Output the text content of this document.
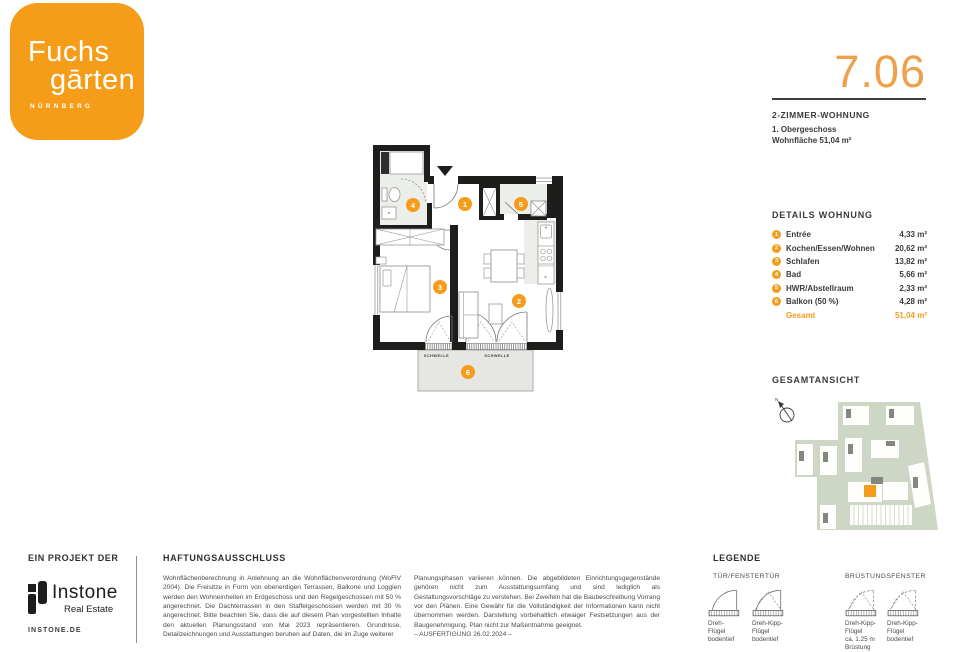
Fuchs
gārten
NÜRNBERG
7.06
2-ZIMMER-WOHNUNG
1. Obergeschoss
Wohnfläche 51,04 m²
SCHWELLE	SCHWELLE
1
2
3
4	5
6
DETAILS WOHNUNG
1 Entrée	4,33 m²
2 Kochen/Essen/Wohnen	20,62 m²
3 Schlafen	13,82 m²
4 Bad	5,66 m²
5 HWR/Abstellraum	2,33 m²
6 Balkon (50 %)	4,28 m²
Gesamt	51,04 m²
GESAMTANSICHT
N
EIN PROJEKT DER
Instone
Real Estate
INSTONE.DE
HAFTUNGSAUSSCHLUSS
Wohnflächenberechnung in Anlehnung an die Wohnflächenverordnung (WoFlV 2004): Die Freisitze in Form von ebenerdigen Terrassen, Balkone und Loggien werden den Wohneinheiten im Erdgeschoss und den Regelgeschossen mit 50 % angerechnet. Die Dachterrassen in den Staffelgeschossen werden mit 30 % angerechnet. Bitte beachten Sie, dass die auf diesem Plan vorgestellten Inhalte den aktuellen Planungsstand von Mai 2023 repräsentieren. Grundrisse, Detailzeichnungen und Ausstattungen beruhen auf Daten, die im Zuge weiterer
Planungsphasen variieren können. Die abgebildeten Einrichtungsgegenstände gehören nicht zum Ausstattungsumfang und sind lediglich als Gestaltungsvorschläge zu verstehen. Bei Zweifeln hat die Baubeschreibung Vorrang vor den Plänen. Eine Gewähr für die Vollständigkeit der Informationen kann nicht übernommen werden. Darstellung vorbehaltlich etwaiger Festsetzungen aus der Baugenehmigung. Plan nicht zur Maßentnahme geeignet.
– AUSFERTIGUNG 26.02.2024 –
LEGENDE
TÜR/FENSTERTÜR	BRÜSTUNGSFENSTER
Dreh-
Flügel
bodentief
Dreh-Kipp-
Flügel
bodentief
Dreh-Kipp-
Flügel
ca. 1,25 m
Brüstung
Dreh-Kipp-
Flügel
bodentief
